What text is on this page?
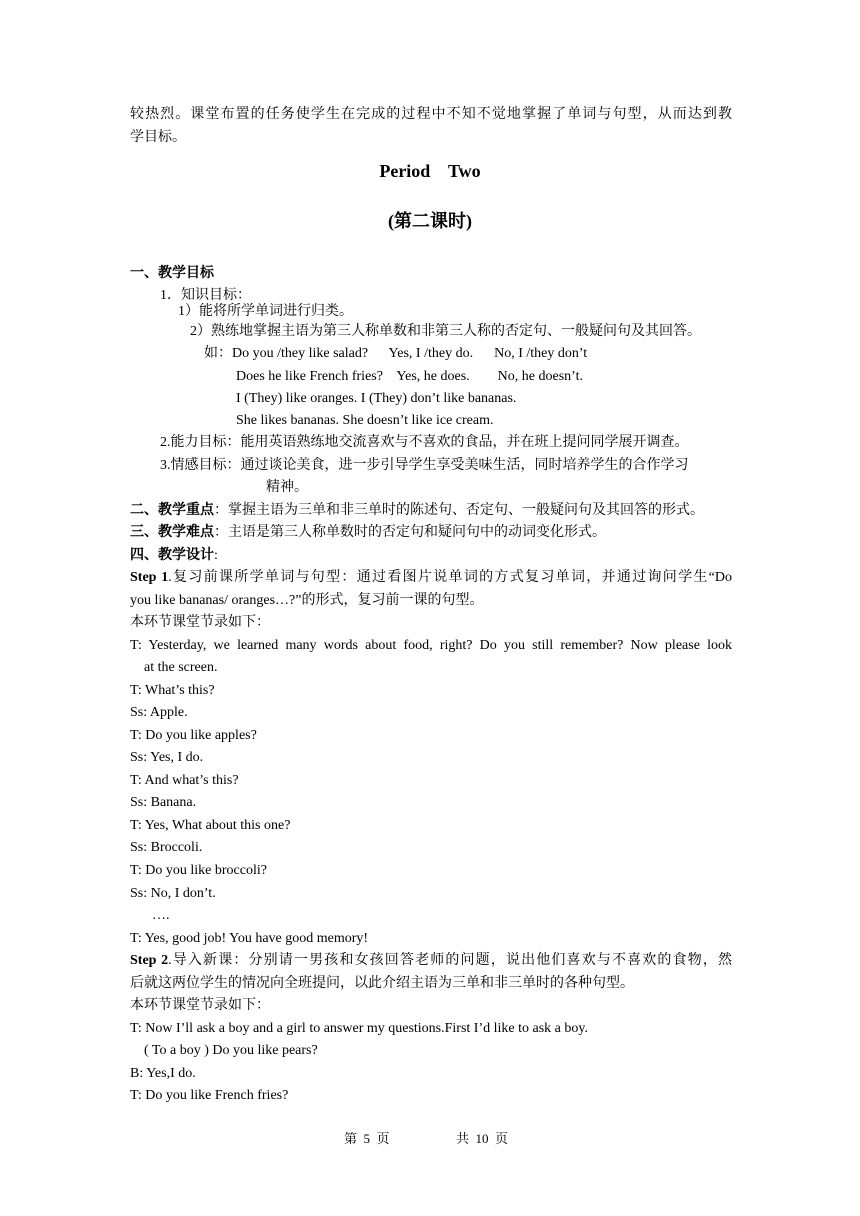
较热烈。课堂布置的任务使学生在完成的过程中不知不觉地掌握了单词与句型，从而达到教
学目标。
Period    Two
(第二课时)
一、教学目标
1．知识目标：
1）能将所学单词进行归类。
2）熟练地掌握主语为第三人称单数和非第三人称的否定句、一般疑问句及其回答。
如：Do you /they like salad?      Yes, I /they do.      No, I /they don’t
Does he like French fries?    Yes, he does.        No, he doesn’t.
I (They) like oranges. I (They) don’t like bananas.
She likes bananas. She doesn’t like ice cream.
2.能力目标：能用英语熟练地交流喜欢与不喜欢的食品，并在班上提问同学展开调查。
3.情感目标：通过谈论美食，进一步引导学生享受美味生活，同时培养学生的合作学习
精神。
二、教学重点：掌握主语为三单和非三单时的陈述句、否定句、一般疑问句及其回答的形式。
三、教学难点：主语是第三人称单数时的否定句和疑问句中的动词变化形式。
四、教学设计:
Step 1.复习前课所学单词与句型：通过看图片说单词的方式复习单词，并通过询问学生“Do
you like bananas/ oranges…?”的形式，复习前一课的句型。
本环节课堂节录如下：
T: Yesterday, we learned many words about food, right? Do you still remember? Now please look
at the screen.
T: What’s this?
Ss: Apple.
T: Do you like apples?
Ss: Yes, I do.
T: And what’s this?
Ss: Banana.
T: Yes, What about this one?
Ss: Broccoli.
T: Do you like broccoli?
Ss: No, I don’t.
….
T: Yes, good job! You have good memory!
Step 2.导入新课：分别请一男孩和女孩回答老师的问题，说出他们喜欢与不喜欢的食物，然
后就这两位学生的情况向全班提问，以此介绍主语为三单和非三单时的各种句型。
本环节课堂节录如下：
T: Now I’ll ask a boy and a girl to answer my questions.First I’d like to ask a boy.
( To a boy ) Do you like pears?
B: Yes,I do.
T: Do you like French fries?
第  5  页	共  10  页
